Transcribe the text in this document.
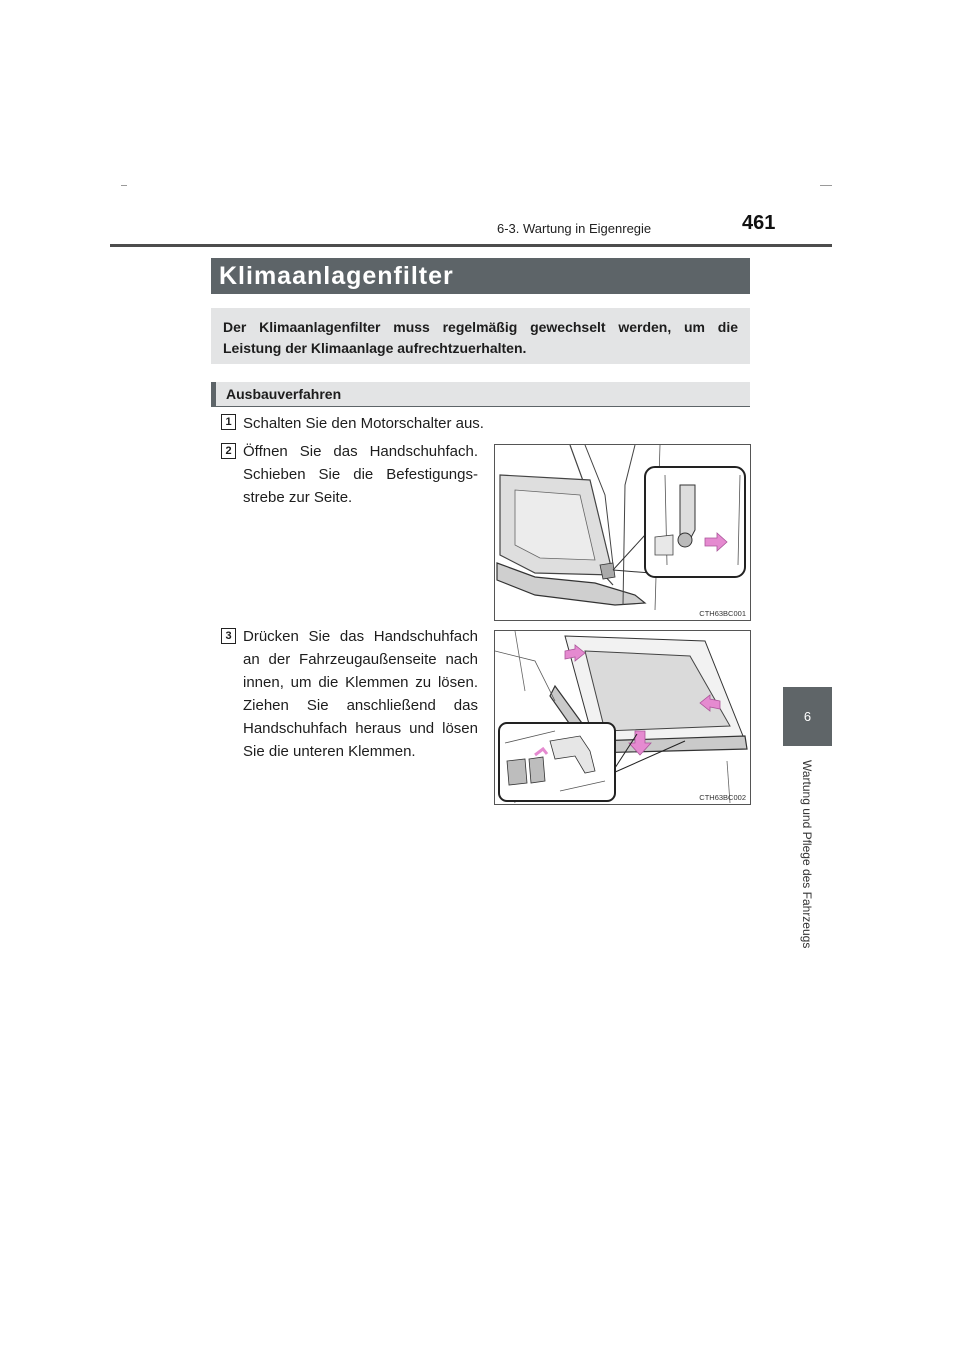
6-3. Wartung in Eigenregie	461
6
Wartung und Pflege des Fahrzeugs
Klimaanlagenfilter
Der Klimaanlagenfilter muss regelmäßig gewechselt werden, um die Leistung der Klimaanlage aufrechtzuerhalten.
Ausbauverfahren
1 Schalten Sie den Motorschalter aus.
2 Öffnen Sie das Handschuhfach. Schieben Sie die Befestigungs-strebe zur Seite.
CTH63BC001
3 Drücken Sie das Handschuhfach an der Fahrzeugaußenseite nach innen, um die Klemmen zu lösen. Ziehen Sie anschließend das Handschuhfach heraus und lösen Sie die unteren Klemmen.
CTH63BC002
